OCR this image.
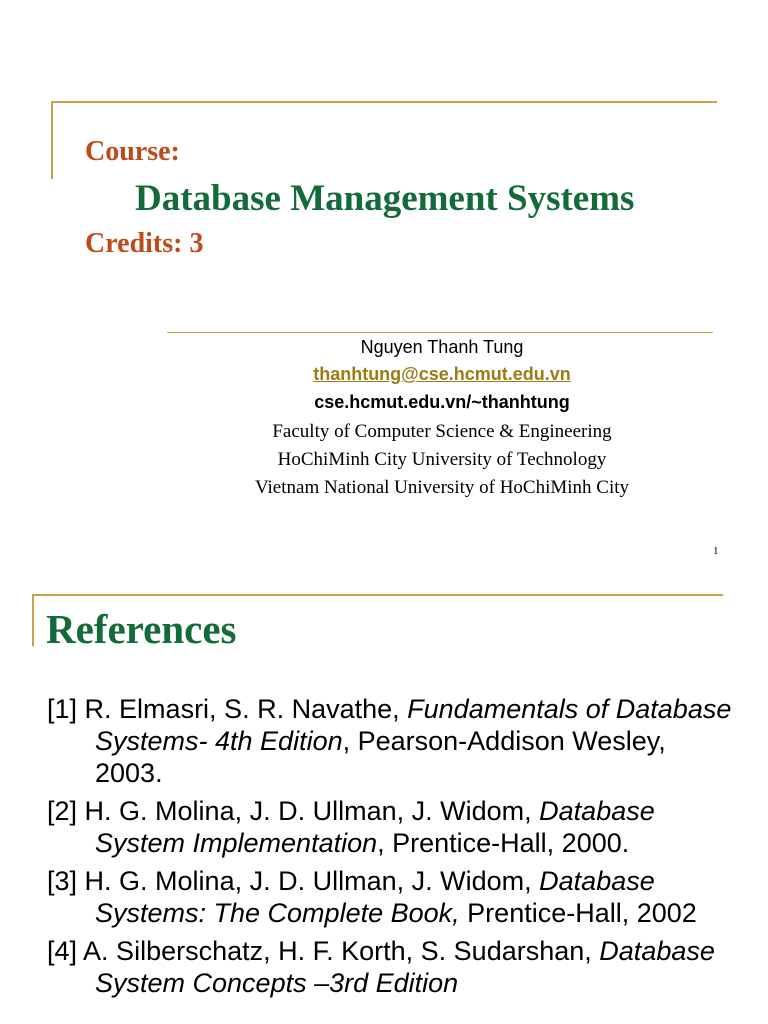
Course:
Database Management Systems
Credits: 3
Nguyen Thanh Tung
thanhtung@cse.hcmut.edu.vn
cse.hcmut.edu.vn/~thanhtung
Faculty of Computer Science & Engineering
HoChiMinh City University of Technology
Vietnam National University of HoChiMinh City
1
References
[1] R. Elmasri, S. R. Navathe, Fundamentals of Database Systems- 4th Edition, Pearson-Addison Wesley, 2003.
[2] H. G. Molina, J. D. Ullman, J. Widom, Database System Implementation, Prentice-Hall, 2000.
[3] H. G. Molina, J. D. Ullman, J. Widom, Database Systems: The Complete Book, Prentice-Hall, 2002
[4] A. Silberschatz, H. F. Korth, S. Sudarshan, Database System Concepts –3rd Edition
